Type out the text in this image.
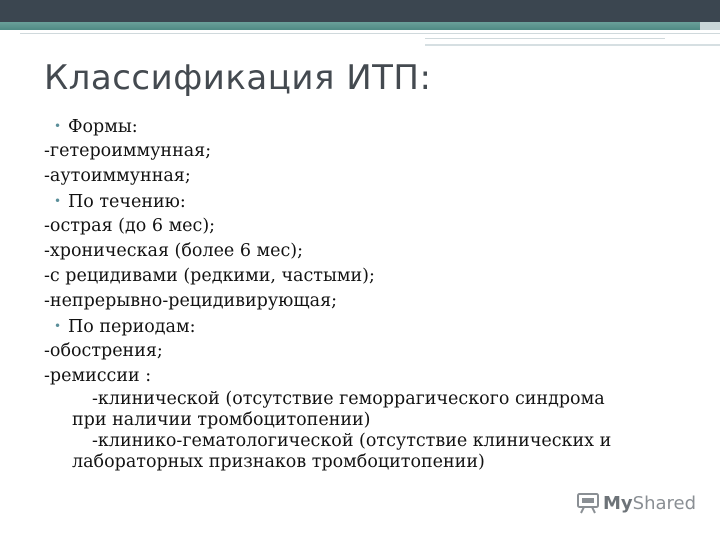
Классификация ИТП:
• Формы:
-гетероиммунная;
-аутоиммунная;
• По течению:
-острая (до 6 мес);
-хроническая (более 6 мес);
-с рецидивами (редкими, частыми);
-непрерывно-рецидивирующая;
• По периодам:
-обострения;
-ремиссии :
-клинической (отсутствие геморрагического синдрома
при наличии тромбоцитопении)
-клинико-гематологической (отсутствие клинических и
лабораторных признаков тромбоцитопении)
MyShared
